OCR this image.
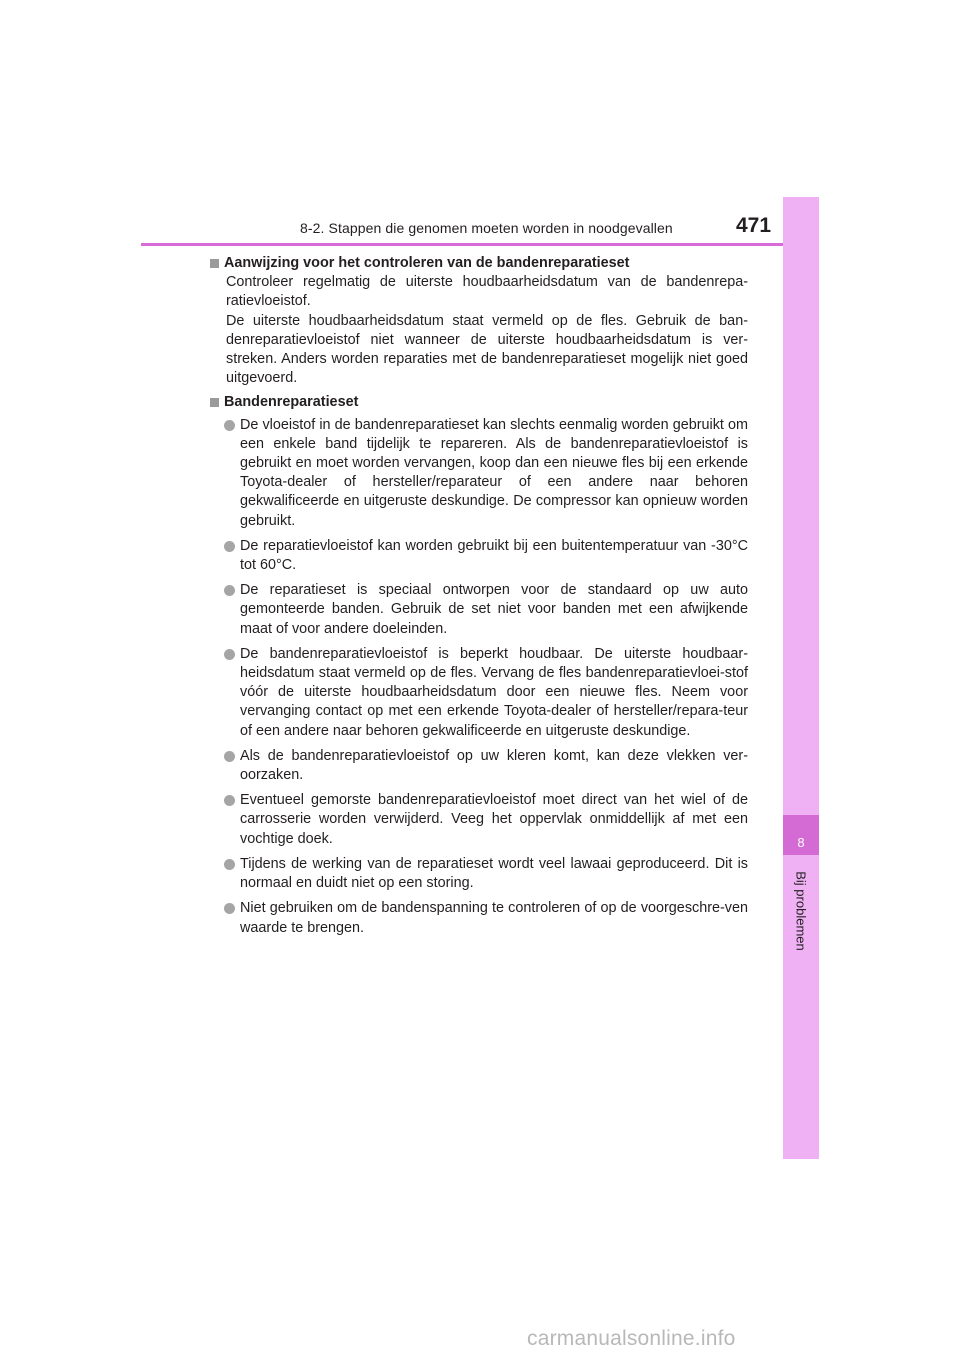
8-2. Stappen die genomen moeten worden in noodgevallen	471
8
Bij problemen
Aanwijzing voor het controleren van de bandenreparatieset
Controleer regelmatig de uiterste houdbaarheidsdatum van de bandenrepa-ratievloeistof.
De uiterste houdbaarheidsdatum staat vermeld op de fles. Gebruik de ban-denreparatievloeistof niet wanneer de uiterste houdbaarheidsdatum is ver-streken. Anders worden reparaties met de bandenreparatieset mogelijk niet goed uitgevoerd.
Bandenreparatieset
De vloeistof in de bandenreparatieset kan slechts eenmalig worden gebruikt om een enkele band tijdelijk te repareren. Als de bandenreparatievloeistof is gebruikt en moet worden vervangen, koop dan een nieuwe fles bij een erkende Toyota-dealer of hersteller/reparateur of een andere naar behoren gekwalificeerde en uitgeruste deskundige. De compressor kan opnieuw worden gebruikt.
De reparatievloeistof kan worden gebruikt bij een buitentemperatuur van -30°C tot 60°C.
De reparatieset is speciaal ontworpen voor de standaard op uw auto gemonteerde banden. Gebruik de set niet voor banden met een afwijkende maat of voor andere doeleinden.
De bandenreparatievloeistof is beperkt houdbaar. De uiterste houdbaar-heidsdatum staat vermeld op de fles. Vervang de fles bandenreparatievloei-stof vóór de uiterste houdbaarheidsdatum door een nieuwe fles. Neem voor vervanging contact op met een erkende Toyota-dealer of hersteller/repara-teur of een andere naar behoren gekwalificeerde en uitgeruste deskundige.
Als de bandenreparatievloeistof op uw kleren komt, kan deze vlekken ver-oorzaken.
Eventueel gemorste bandenreparatievloeistof moet direct van het wiel of de carrosserie worden verwijderd. Veeg het oppervlak onmiddellijk af met een vochtige doek.
Tijdens de werking van de reparatieset wordt veel lawaai geproduceerd. Dit is normaal en duidt niet op een storing.
Niet gebruiken om de bandenspanning te controleren of op de voorgeschre-ven waarde te brengen.
carmanualsonline.info
